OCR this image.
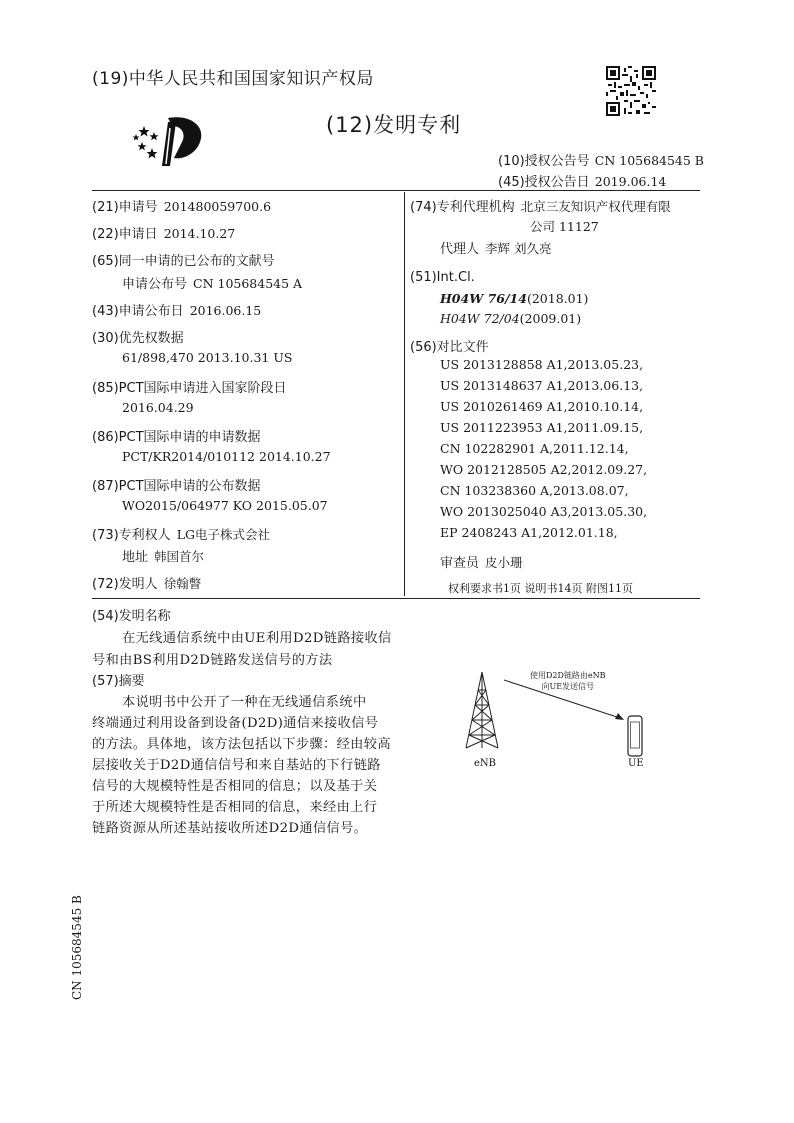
(19)中华人民共和国国家知识产权局
(12)发明专利
(10)授权公告号 CN 105684545 B
(45)授权公告日 2019.06.14
(21)申请号 201480059700.6
(22)申请日 2014.10.27
(65)同一申请的已公布的文献号
申请公布号 CN 105684545 A
(43)申请公布日 2016.06.15
(30)优先权数据
61/898,470 2013.10.31 US
(85)PCT国际申请进入国家阶段日
2016.04.29
(86)PCT国际申请的申请数据
PCT/KR2014/010112 2014.10.27
(87)PCT国际申请的公布数据
WO2015/064977 KO 2015.05.07
(73)专利权人 LG电子株式会社
地址 韩国首尔
(72)发明人 徐翰瞥
(74)专利代理机构 北京三友知识产权代理有限
公司 11127
代理人 李辉 刘久亮
(51)Int.Cl.
H04W 76/14(2018.01)
H04W 72/04(2009.01)
(56)对比文件
US 2013128858 A1,2013.05.23,
US 2013148637 A1,2013.06.13,
US 2010261469 A1,2010.10.14,
US 2011223953 A1,2011.09.15,
CN 102282901 A,2011.12.14,
WO 2012128505 A2,2012.09.27,
CN 103238360 A,2013.08.07,
WO 2013025040 A3,2013.05.30,
EP 2408243 A1,2012.01.18,
审查员 皮小珊
权利要求书1页 说明书14页 附图11页
(54)发明名称
在无线通信系统中由UE利用D2D链路接收信
号和由BS利用D2D链路发送信号的方法
(57)摘要
本说明书中公开了一种在无线通信系统中
终端通过利用设备到设备(D2D)通信来接收信号
的方法。具体地，该方法包括以下步骤：经由较高
层接收关于D2D通信信号和来自基站的下行链路
信号的大规模特性是否相同的信息；以及基于关
于所述大规模特性是否相同的信息，来经由上行
链路资源从所述基站接收所述D2D通信信号。
使用D2D链路由eNB
向UE发送信号
eNB	UE
CN 105684545 B
